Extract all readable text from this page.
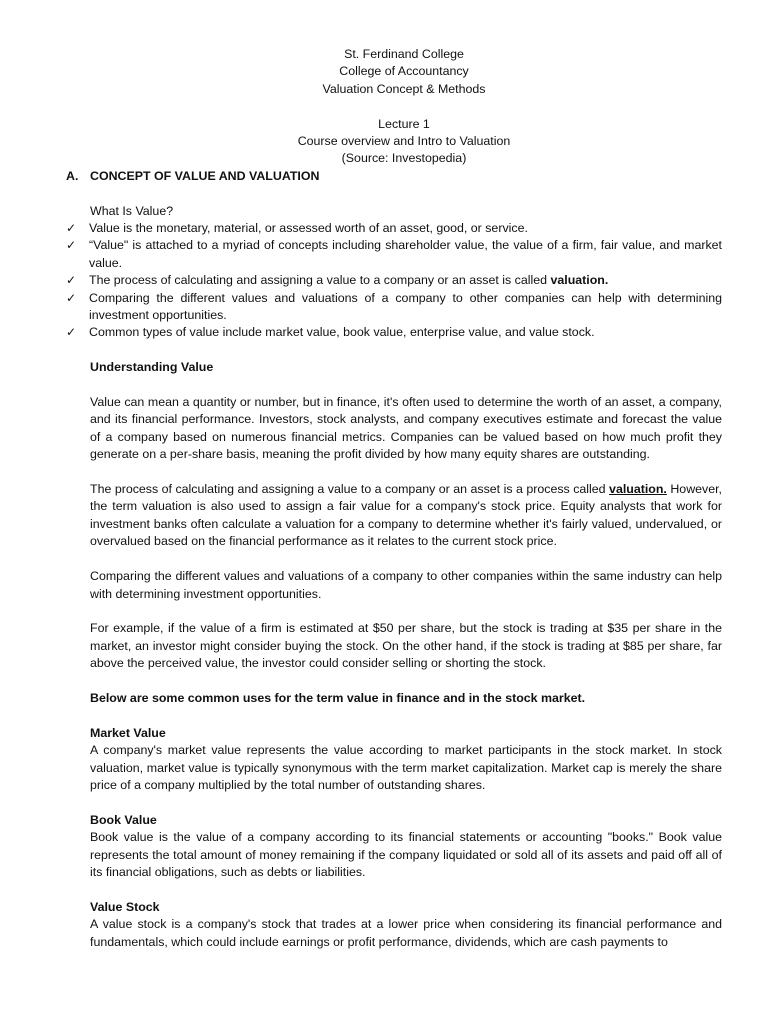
St. Ferdinand College
College of Accountancy
Valuation Concept & Methods
Lecture 1
Course overview and Intro to Valuation
(Source: Investopedia)
A. CONCEPT OF VALUE AND VALUATION
What Is Value?
✓	Value is the monetary, material, or assessed worth of an asset, good, or service.
✓	“Value" is attached to a myriad of concepts including shareholder value, the value of a firm, fair value, and market value.
✓	The process of calculating and assigning a value to a company or an asset is called valuation.
✓	Comparing the different values and valuations of a company to other companies can help with determining investment opportunities.
✓	Common types of value include market value, book value, enterprise value, and value stock.
Understanding Value
Value can mean a quantity or number, but in finance, it's often used to determine the worth of an asset, a company, and its financial performance. Investors, stock analysts, and company executives estimate and forecast the value of a company based on numerous financial metrics. Companies can be valued based on how much profit they generate on a per-share basis, meaning the profit divided by how many equity shares are outstanding.
The process of calculating and assigning a value to a company or an asset is a process called valuation. However, the term valuation is also used to assign a fair value for a company's stock price. Equity analysts that work for investment banks often calculate a valuation for a company to determine whether it's fairly valued, undervalued, or overvalued based on the financial performance as it relates to the current stock price.
Comparing the different values and valuations of a company to other companies within the same industry can help with determining investment opportunities.
For example, if the value of a firm is estimated at $50 per share, but the stock is trading at $35 per share in the market, an investor might consider buying the stock. On the other hand, if the stock is trading at $85 per share, far above the perceived value, the investor could consider selling or shorting the stock.
Below are some common uses for the term value in finance and in the stock market.
Market Value
A company's market value represents the value according to market participants in the stock market. In stock valuation, market value is typically synonymous with the term market capitalization. Market cap is merely the share price of a company multiplied by the total number of outstanding shares.
Book Value
Book value is the value of a company according to its financial statements or accounting "books." Book value represents the total amount of money remaining if the company liquidated or sold all of its assets and paid off all of its financial obligations, such as debts or liabilities.
Value Stock
A value stock is a company's stock that trades at a lower price when considering its financial performance and fundamentals, which could include earnings or profit performance, dividends, which are cash payments to
